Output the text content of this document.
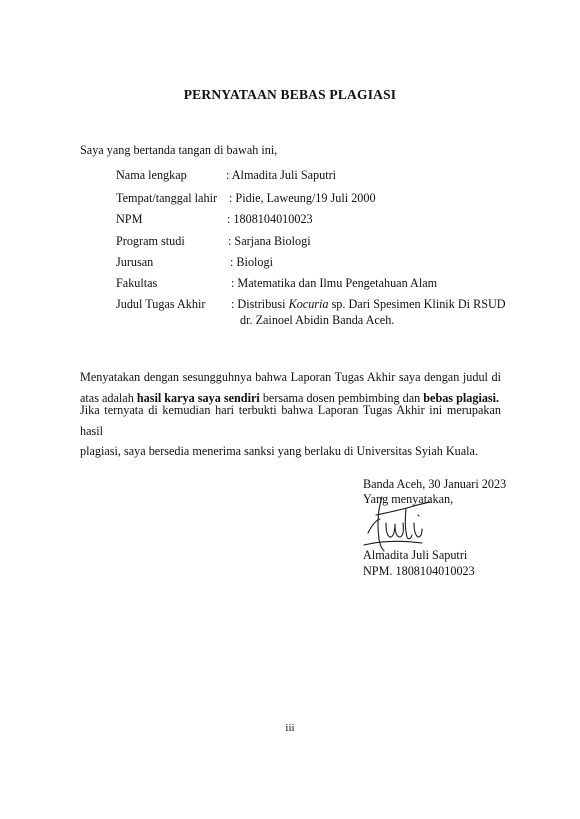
PERNYATAAN BEBAS PLAGIASI
Saya yang bertanda tangan di bawah ini,
Nama lengkap	: Almadita Juli Saputri
Tempat/tanggal lahir : Pidie, Laweung/19 Juli 2000
NPM	: 1808104010023
Program studi	: Sarjana Biologi
Jurusan	: Biologi
Fakultas	: Matematika dan Ilmu Pengetahuan Alam
Judul Tugas Akhir : Distribusi Kocuria sp. Dari Spesimen Klinik Di RSUD
dr. Zainoel Abidin Banda Aceh.

Menyatakan dengan sesungguhnya bahwa Laporan Tugas Akhir saya dengan judul di
atas adalah hasil karya saya sendiri bersama dosen pembimbing dan bebas plagiasi.

Jika ternyata di kemudian hari terbukti bahwa Laporan Tugas Akhir ini merupakan hasil
plagiasi, saya bersedia menerima sanksi yang berlaku di Universitas Syiah Kuala.

Banda Aceh, 30 Januari 2023
Yang menyatakan,
Almadita Juli Saputri
NPM. 1808104010023
iii
